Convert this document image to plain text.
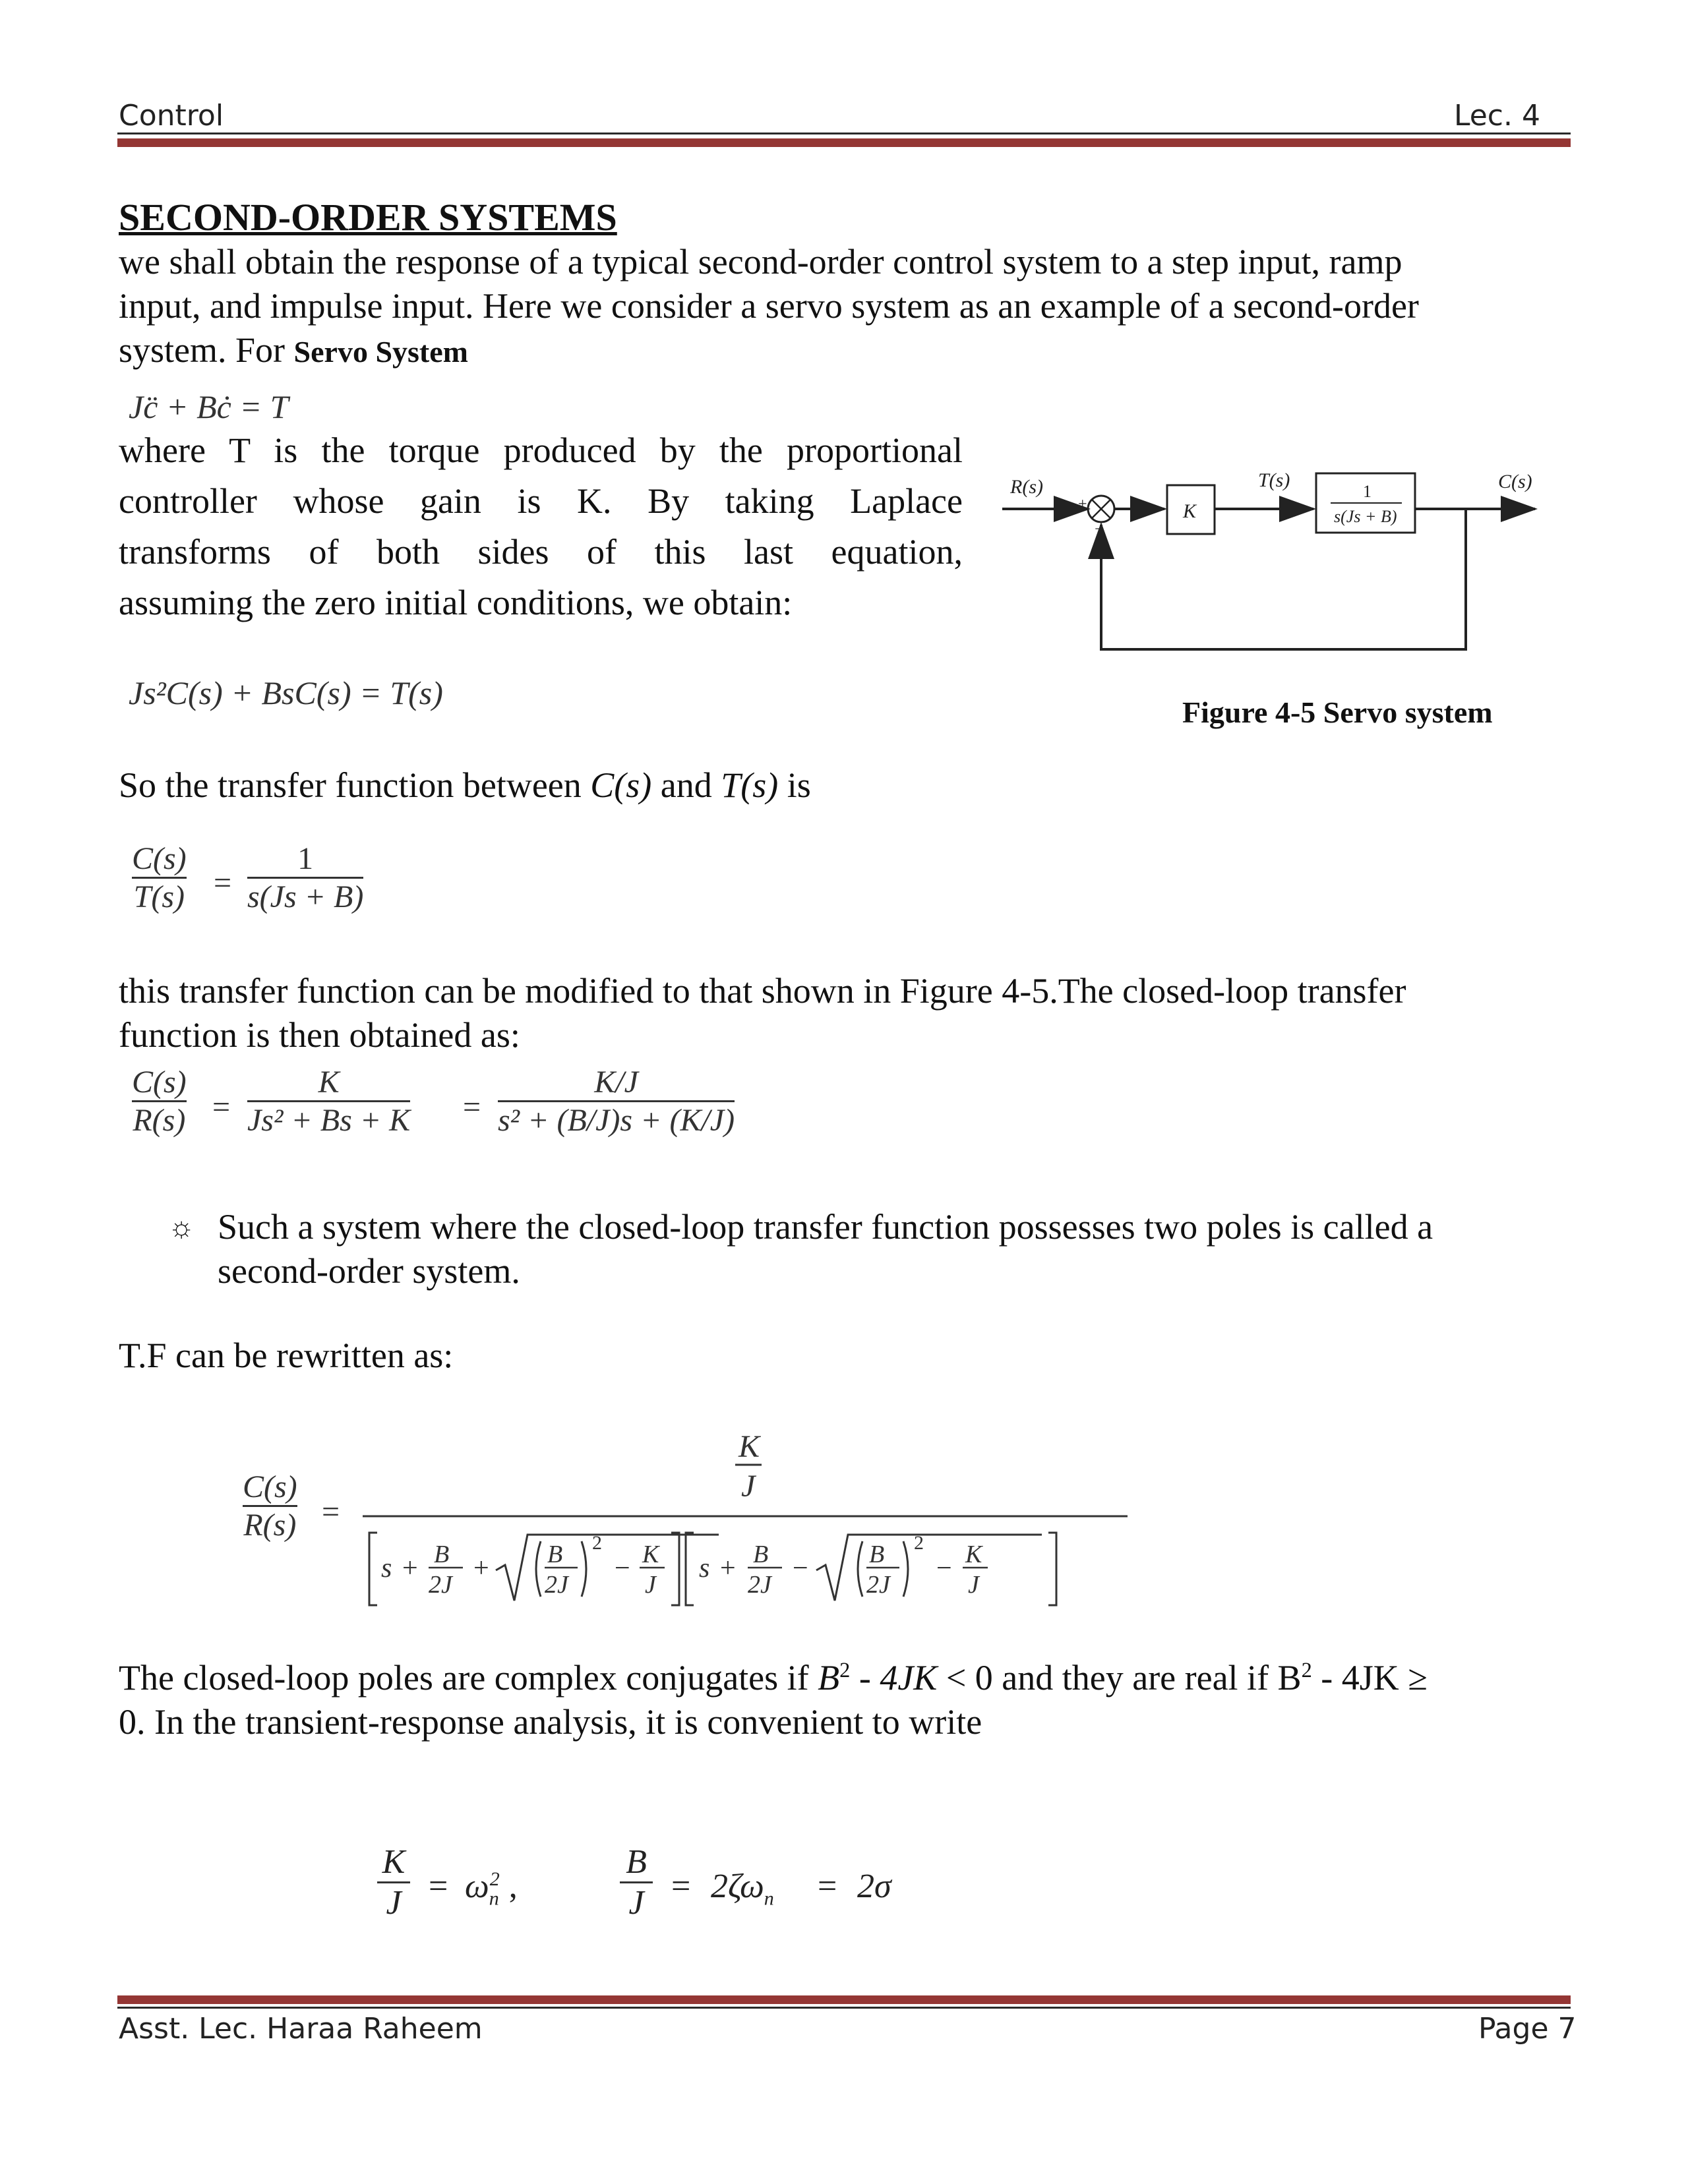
Control	Lec. 4
SECOND-ORDER SYSTEMS
we shall obtain the response of a typical second-order control system to a step input, ramp
input, and impulse input. Here we consider a servo system as an example of a second-order
system. For Servo System
Jc̈ + Bċ = T
where T is the torque produced by the proportional
controller whose gain is K. By taking Laplace
transforms of both sides of this last equation,
assuming the zero initial conditions, we obtain:
R(s)
+
−
K
T(s)
1
s(Js + B)
C(s)
Figure 4-5 Servo system
Js²C(s) + BsC(s) = T(s)
So the transfer function between C(s) and T(s) is
C(s)
T(s) =
1
s(Js + B)
this transfer function can be modified to that shown in Figure 4-5.The closed-loop transfer
function is then obtained as:
C(s)
R(s) =
K
Js² + Bs + K =
K/J
s² + (B/J)s + (K/J)
☼ Such a system where the closed-loop transfer function possesses two poles is called a
second-order system.
T.F can be rewritten as:
C(s)
R(s) =
K
J
s + B
2J
+ B
2J
2
− K
J
s + B
2J
− B
2J
2
− K
J
The closed-loop poles are complex conjugates if $B^2 - 4JK < 0$ and they are real if $B^2 - 4JK$ ≥
0. In the transient-response analysis, it is convenient to write
K
$J = \omega_n^2$ ,
B
$J = 2\zeta\omega_n = 2\sigma$
Asst. Lec. Haraa Raheem	Page 7
